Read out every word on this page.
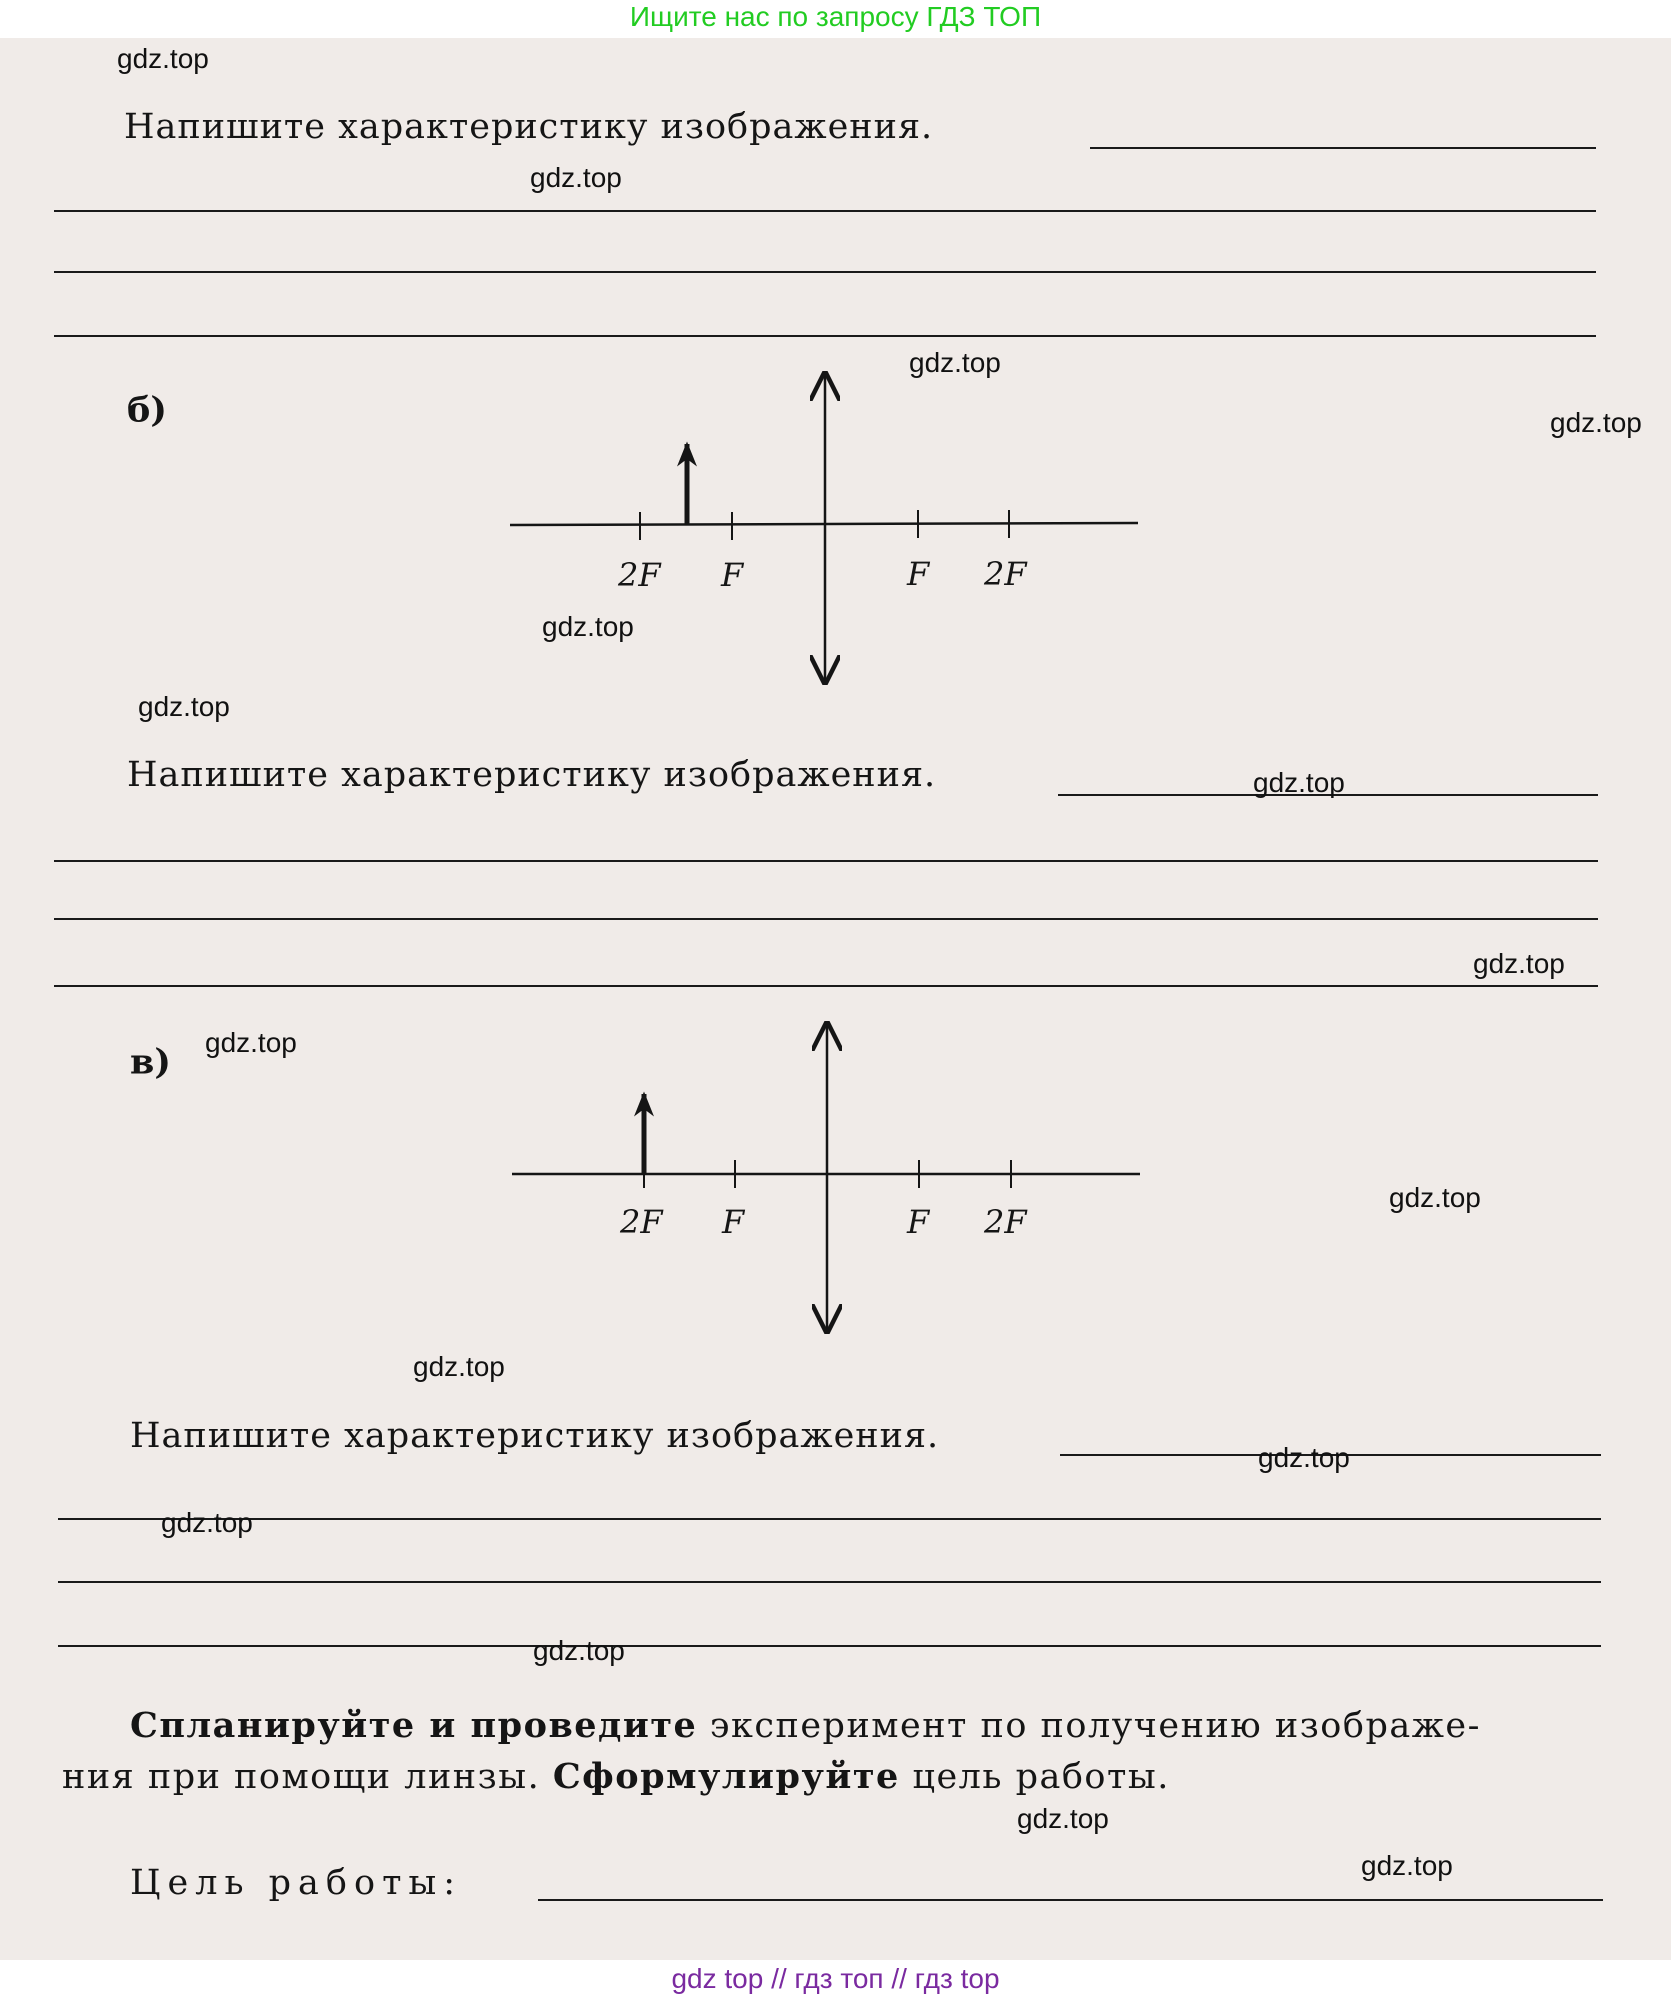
Ищите нас по запросу ГДЗ ТОП
Напишите характеристику изображения.
б)
2F F	F 2F
2F F	F 2F
Напишите характеристику изображения.
в)
Напишите характеристику изображения.
Спланируйте и проведите эксперимент по получению изображе-
ния при помощи линзы. Сформулируйте цель работы.
Цель работы:
gdz.top
gdz.top
gdz.top
gdz.top
gdz.top
gdz.top
gdz.top
gdz.top
gdz.top
gdz.top
gdz.top
gdz.top
gdz.top
gdz.top
gdz.top
gdz.top
gdz top // гдз топ // гдз top
